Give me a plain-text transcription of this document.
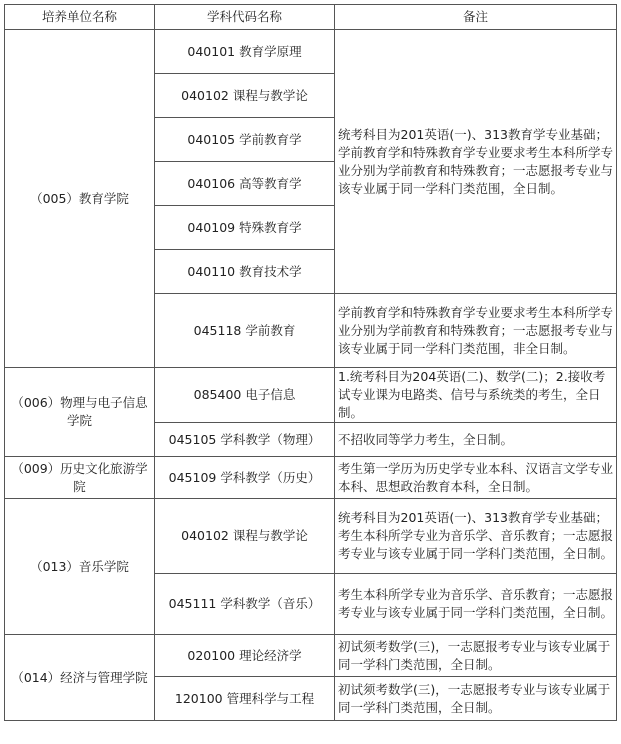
培养单位名称	学科代码名称	备注
（005）教育学院	040101 教育学原理	统考科目为201英语(一)、313教育学专业基础；学前教育学和特殊教育学专业要求考生本科所学专业分别为学前教育和特殊教育；一志愿报考专业与该专业属于同一学科门类范围，全日制。
	040102 课程与教学论	
	040105 学前教育学	
	040106 高等教育学	
	040109 特殊教育学	
	040110 教育技术学	
	045118 学前教育	学前教育学和特殊教育学专业要求考生本科所学专业分别为学前教育和特殊教育；一志愿报考专业与该专业属于同一学科门类范围，非全日制。
（006）物理与电子信息学院	085400 电子信息	1.统考科目为204英语(二)、数学(二)；2.接收考试专业课为电路类、信号与系统类的考生，全日制。
	045105 学科教学（物理）	不招收同等学力考生，全日制。
（009）历史文化旅游学院	045109 学科教学（历史）	考生第一学历为历史学专业本科、汉语言文学专业本科、思想政治教育本科，全日制。
（013）音乐学院	040102 课程与教学论	统考科目为201英语(一)、313教育学专业基础；考生本科所学专业为音乐学、音乐教育；一志愿报考专业与该专业属于同一学科门类范围，全日制。
	045111 学科教学（音乐）	考生本科所学专业为音乐学、音乐教育；一志愿报考专业与该专业属于同一学科门类范围，全日制。
（014）经济与管理学院	020100 理论经济学	初试须考数学(三)，一志愿报考专业与该专业属于同一学科门类范围，全日制。
	120100 管理科学与工程	初试须考数学(三)，一志愿报考专业与该专业属于同一学科门类范围，全日制。
